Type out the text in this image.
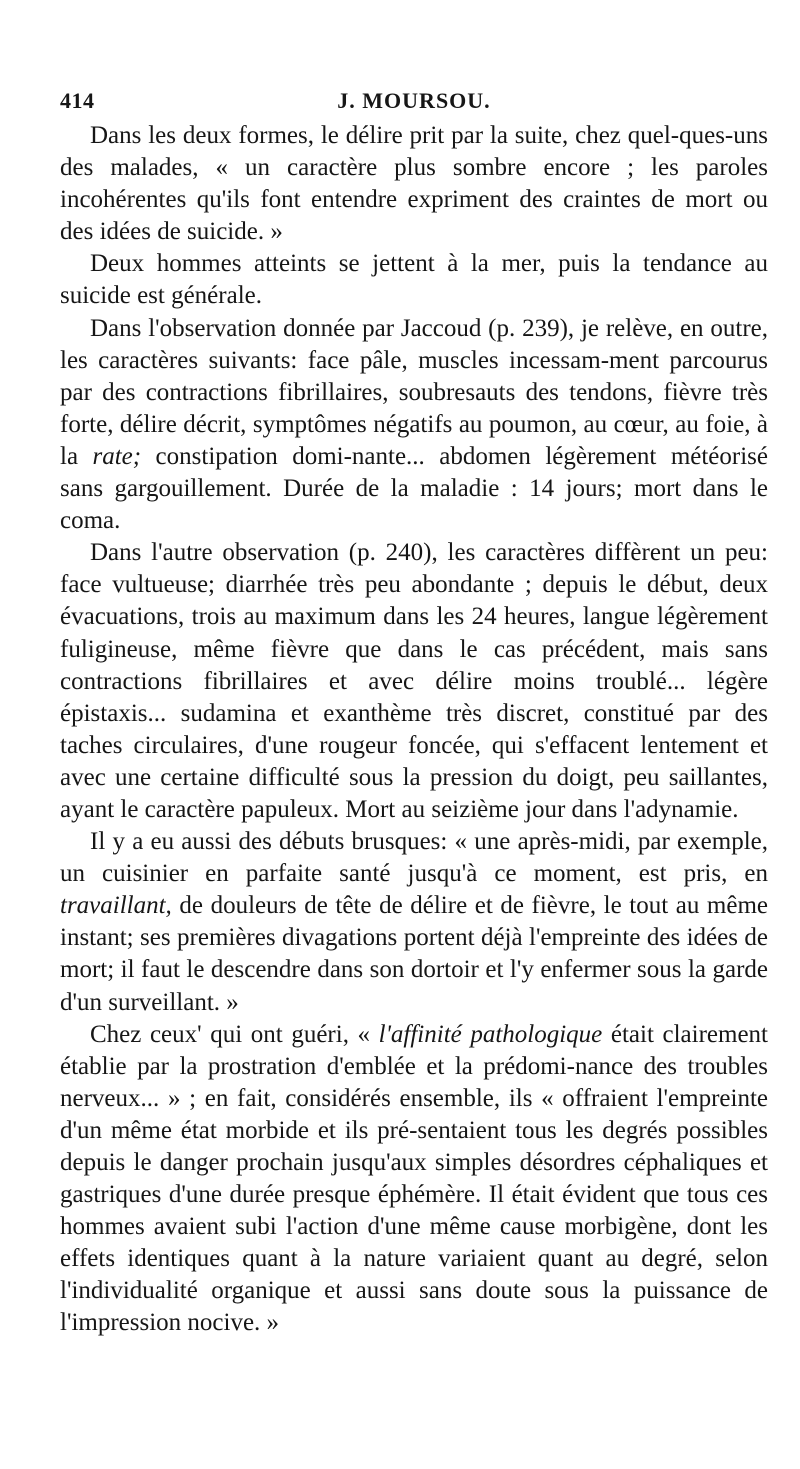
414	J. MOURSOU.

Dans les deux formes, le délire prit par la suite, chez quel-ques-uns des malades, « un caractère plus sombre encore ; les paroles incohérentes qu'ils font entendre expriment des craintes de mort ou des idées de suicide. »

Deux hommes atteints se jettent à la mer, puis la tendance au suicide est générale.

Dans l'observation donnée par Jaccoud (p. 239), je relève, en outre, les caractères suivants: face pâle, muscles incessam-ment parcourus par des contractions fibrillaires, soubresauts des tendons, fièvre très forte, délire décrit, symptômes négatifs au poumon, au cœur, au foie, à la rate; constipation domi-nante... abdomen légèrement météorisé sans gargouillement. Durée de la maladie : 14 jours; mort dans le coma.

Dans l'autre observation (p. 240), les caractères diffèrent un peu: face vultueuse; diarrhée très peu abondante ; depuis le début, deux évacuations, trois au maximum dans les 24 heures, langue légèrement fuligineuse, même fièvre que dans le cas précédent, mais sans contractions fibrillaires et avec délire moins troublé... légère épistaxis... sudamina et exanthème très discret, constitué par des taches circulaires, d'une rougeur foncée, qui s'effacent lentement et avec une certaine difficulté sous la pression du doigt, peu saillantes, ayant le caractère papuleux. Mort au seizième jour dans l'adynamie.

Il y a eu aussi des débuts brusques: « une après-midi, par exemple, un cuisinier en parfaite santé jusqu'à ce moment, est pris, en travaillant, de douleurs de tête de délire et de fièvre, le tout au même instant; ses premières divagations portent déjà l'empreinte des idées de mort; il faut le descendre dans son dortoir et l'y enfermer sous la garde d'un surveillant. »

Chez ceux' qui ont guéri, « l'affinité pathologique était clairement établie par la prostration d'emblée et la prédomi-nance des troubles nerveux... » ; en fait, considérés ensemble, ils « offraient l'empreinte d'un même état morbide et ils pré-sentaient tous les degrés possibles depuis le danger prochain jusqu'aux simples désordres céphaliques et gastriques d'une durée presque éphémère. Il était évident que tous ces hommes avaient subi l'action d'une même cause morbigène, dont les effets identiques quant à la nature variaient quant au degré, selon l'individualité organique et aussi sans doute sous la puissance de l'impression nocive. »
